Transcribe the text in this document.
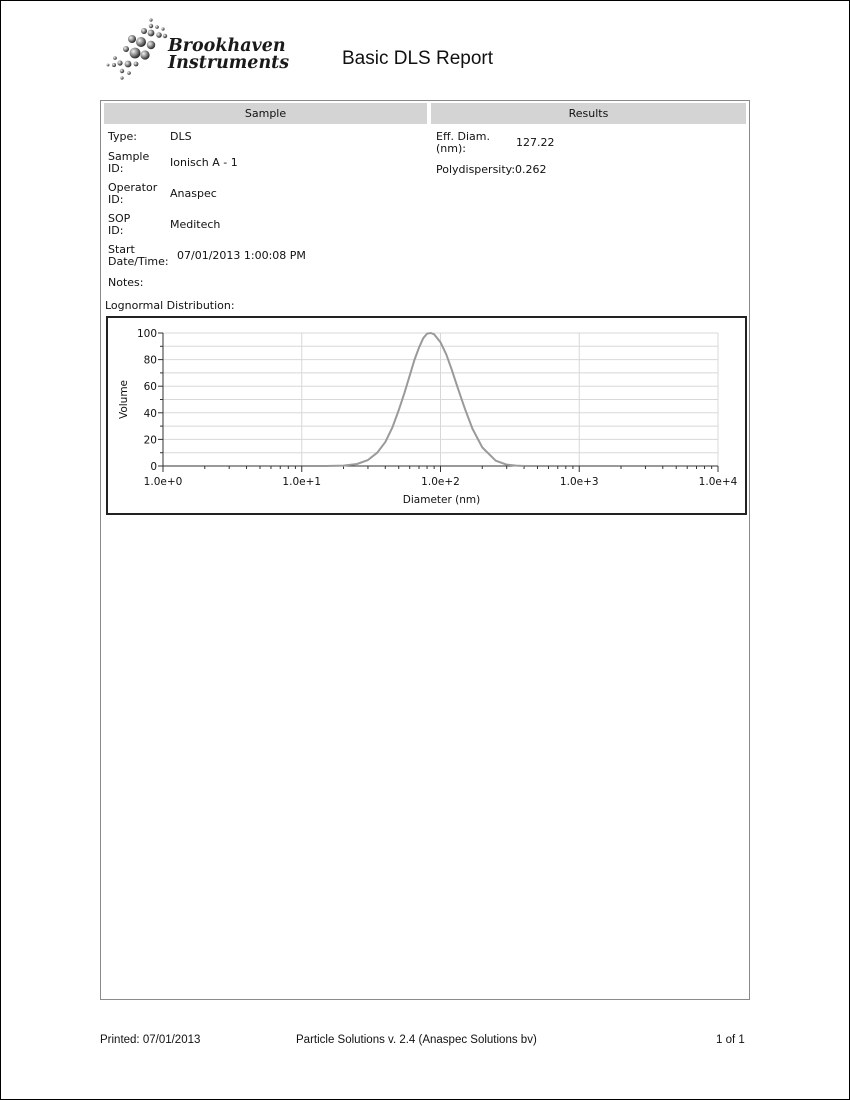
Brookhaven
Instruments	Basic DLS Report
Sample	Results
Type:	DLS
Sample
ID:	Ionisch A - 1
Operator
ID:	Anaspec
SOP
ID:	Meditech
Start
Date/Time: 07/01/2013 1:00:08 PM
Notes:
Eff. Diam.
(nm):	127.22
Polydispersity: 0.262
Lognormal Distribution:
0
20
40
60
80
100
1.0e+0	1.0e+1	1.0e+2	1.0e+3	1.0e+4
Diameter (nm)
Volume
Printed: 07/01/2013	Particle Solutions v. 2.4 (Anaspec Solutions bv)	1 of 1
